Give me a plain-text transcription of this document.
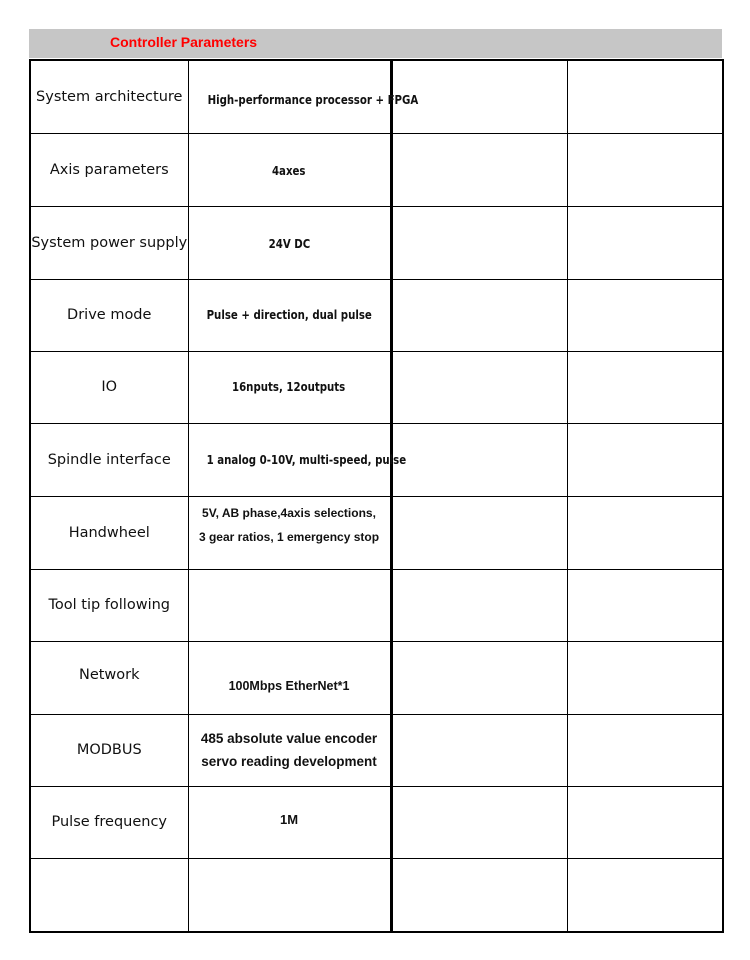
Controller Parameters
System architecture	High-performance processor + FPGA		
Axis parameters	4axes		
System power supply	24V DC		
Drive mode	Pulse + direction, dual pulse		
IO	16nputs, 12outputs		
Spindle interface	1 analog 0-10V, multi-speed, pulse		
Handwheel	5V, AB phase,4axis selections,
3 gear ratios, 1 emergency stop		

Tool tip following			
Network	100Mbps EtherNet*1		
MODBUS	485 absolute value encoder
servo reading development		

Pulse frequency	1M		
